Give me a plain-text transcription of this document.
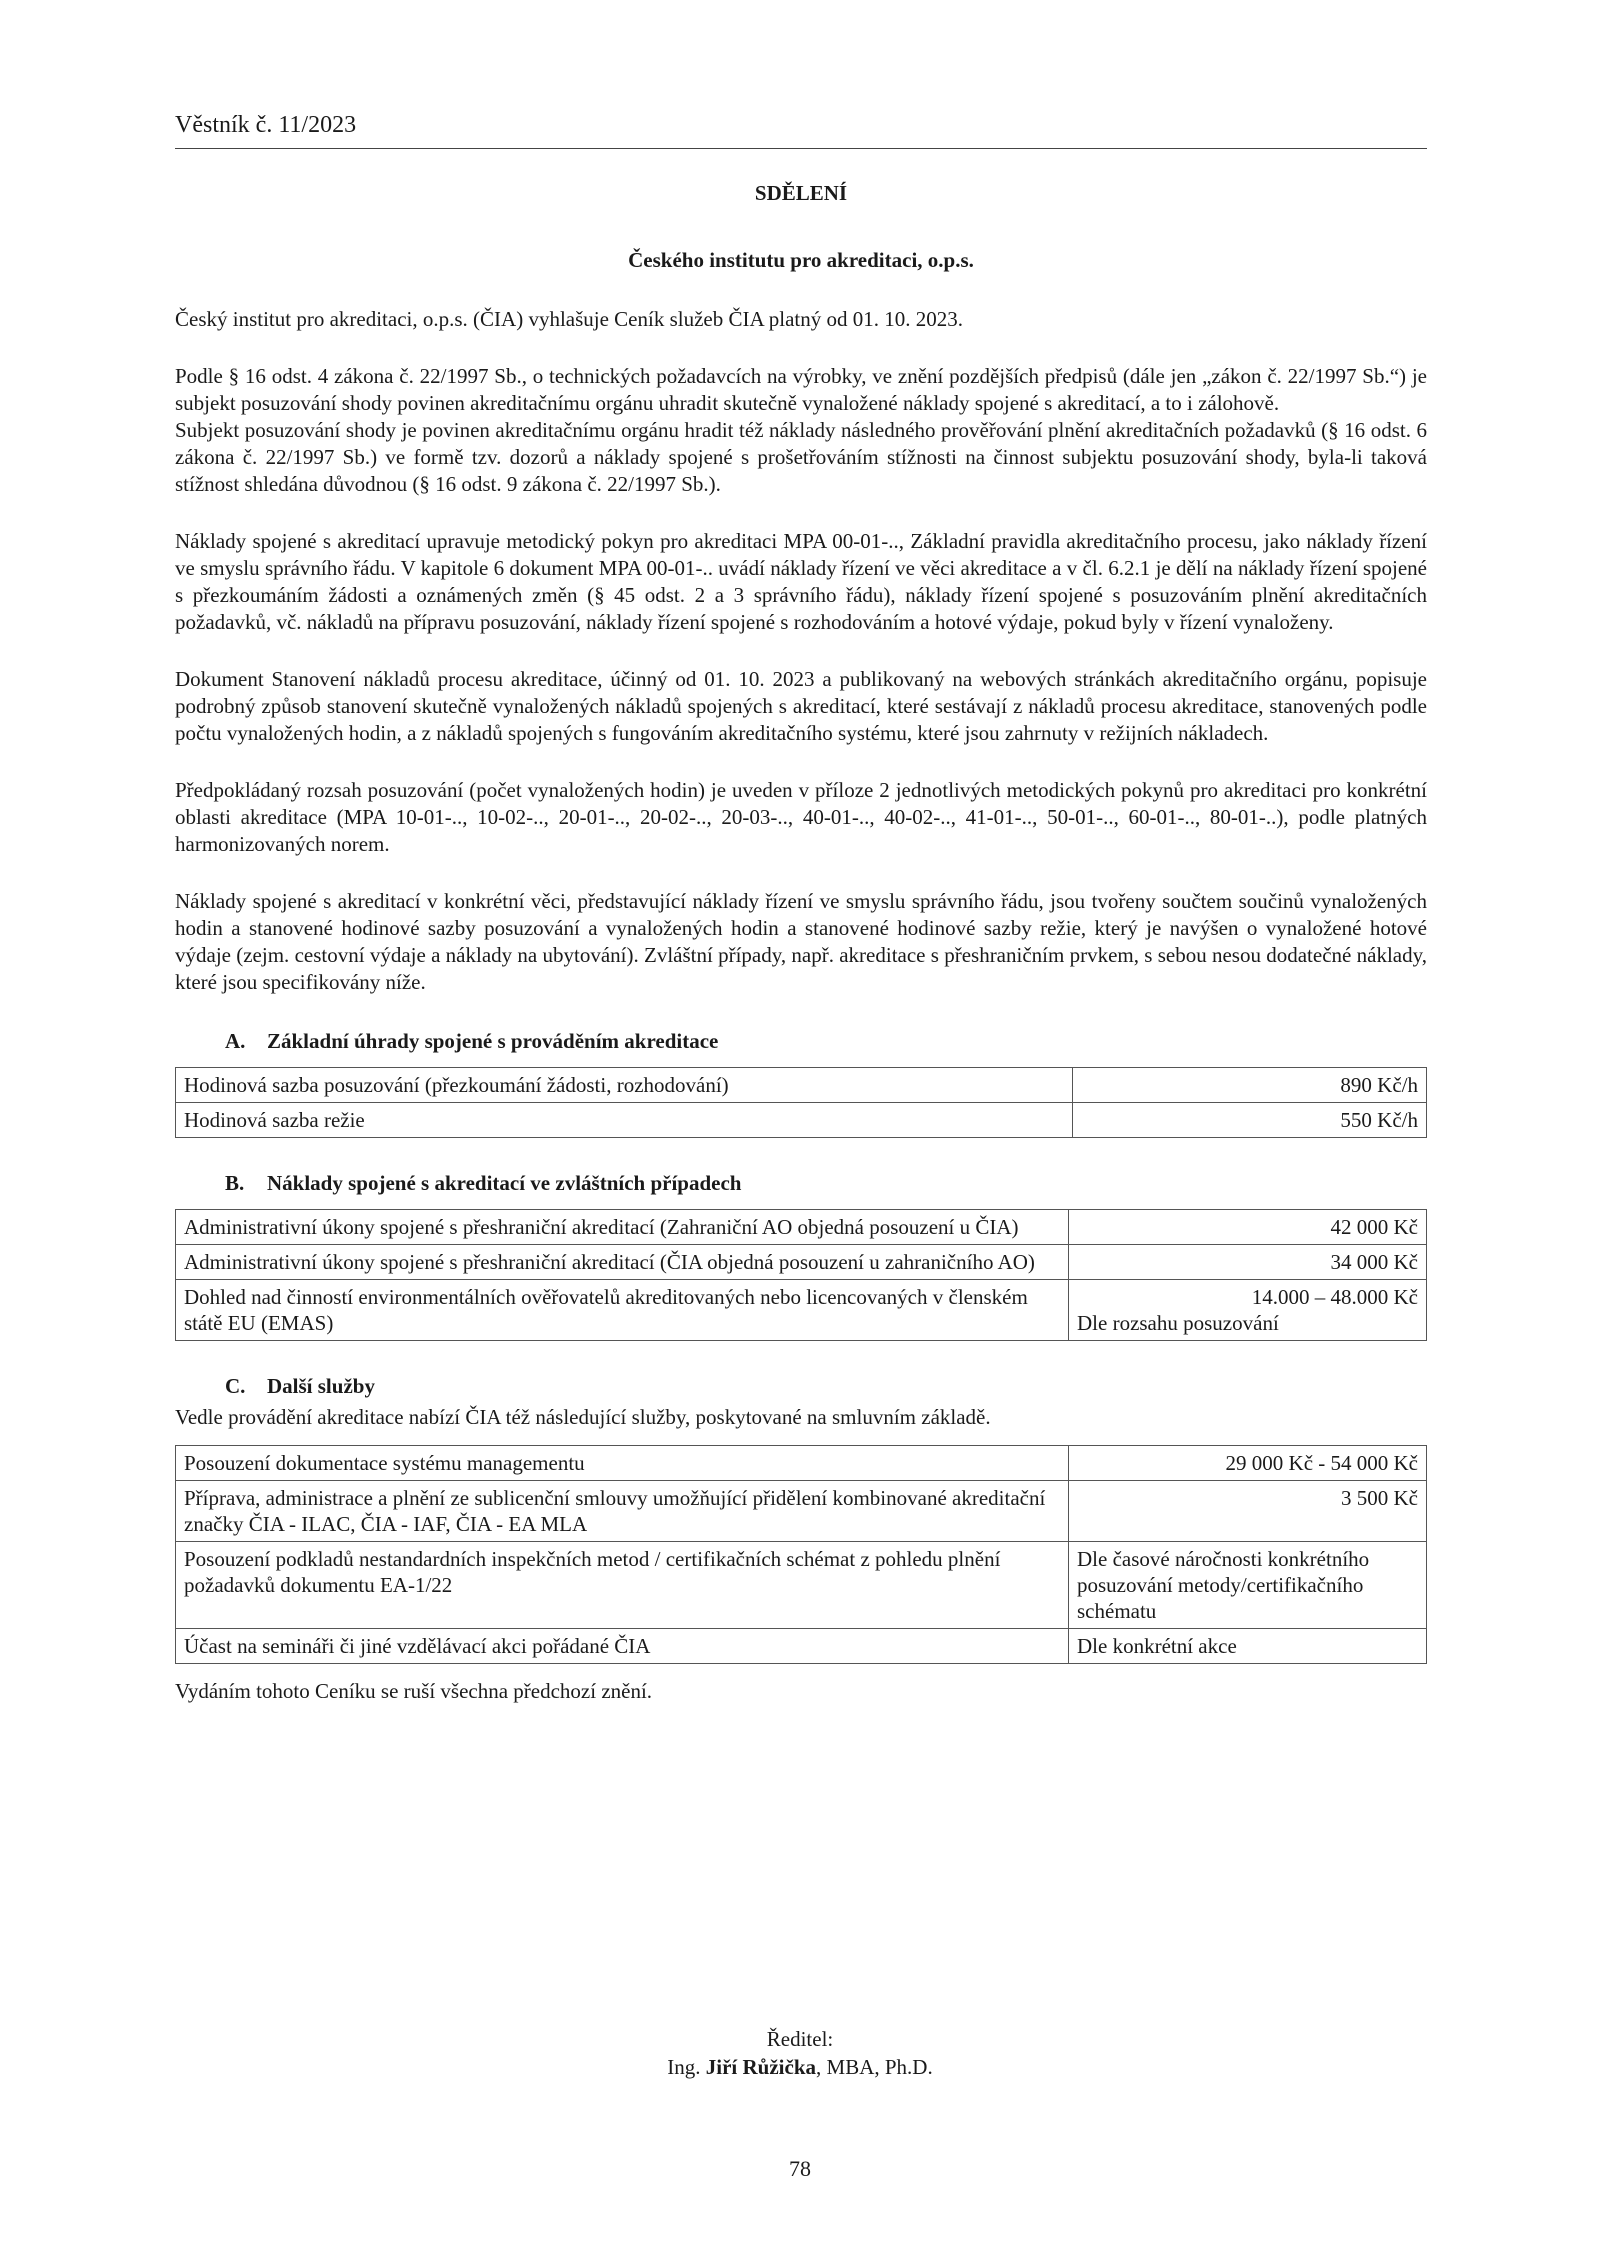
Věstník č. 11/2023
SDĚLENÍ
Českého institutu pro akreditaci, o.p.s.

Český institut pro akreditaci, o.p.s. (ČIA) vyhlašuje Ceník služeb ČIA platný od 01. 10. 2023.

Podle § 16 odst. 4 zákona č. 22/1997 Sb., o technických požadavcích na výrobky, ve znění pozdějších předpisů (dále jen „zákon č. 22/1997 Sb.“) je subjekt posuzování shody povinen akreditačnímu orgánu uhradit skutečně vynaložené náklady spojené s akreditací, a to i zálohově.

Subjekt posuzování shody je povinen akreditačnímu orgánu hradit též náklady následného prověřování plnění akreditačních požadavků (§ 16 odst. 6 zákona č. 22/1997 Sb.) ve formě tzv. dozorů a náklady spojené s prošetřováním stížnosti na činnost subjektu posuzování shody, byla-li taková stížnost shledána důvodnou (§ 16 odst. 9 zákona č. 22/1997 Sb.).

Náklady spojené s akreditací upravuje metodický pokyn pro akreditaci MPA 00-01-.., Základní pravidla akreditačního procesu, jako náklady řízení ve smyslu správního řádu. V kapitole 6 dokument MPA 00-01-.. uvádí náklady řízení ve věci akreditace a v čl. 6.2.1 je dělí na náklady řízení spojené s přezkoumáním žádosti a oznámených změn (§ 45 odst. 2 a 3 správního řádu), náklady řízení spojené s posuzováním plnění akreditačních požadavků, vč. nákladů na přípravu posuzování, náklady řízení spojené s rozhodováním a hotové výdaje, pokud byly v řízení vynaloženy.

Dokument Stanovení nákladů procesu akreditace, účinný od 01. 10. 2023 a publikovaný na webových stránkách akreditačního orgánu, popisuje podrobný způsob stanovení skutečně vynaložených nákladů spojených s akreditací, které sestávají z nákladů procesu akreditace, stanovených podle počtu vynaložených hodin, a z nákladů spojených s fungováním akreditačního systému, které jsou zahrnuty v režijních nákladech.

Předpokládaný rozsah posuzování (počet vynaložených hodin) je uveden v příloze 2 jednotlivých metodických pokynů pro akreditaci pro konkrétní oblasti akreditace (MPA 10-01-.., 10-02-.., 20-01-.., 20-02-.., 20-03-.., 40-01-.., 40-02-.., 41-01-.., 50-01-.., 60-01-.., 80-01-..), podle platných harmonizovaných norem.

Náklady spojené s akreditací v konkrétní věci, představující náklady řízení ve smyslu správního řádu, jsou tvořeny součtem součinů vynaložených hodin a stanovené hodinové sazby posuzování a vynaložených hodin a stanovené hodinové sazby režie, který je navýšen o vynaložené hotové výdaje (zejm. cestovní výdaje a náklady na ubytování). Zvláštní případy, např. akreditace s přeshraničním prvkem, s sebou nesou dodatečné náklady, které jsou specifikovány níže.

A. Základní úhrady spojené s prováděním akreditace
Hodinová sazba posuzování (přezkoumání žádosti, rozhodování)	890 Kč/h
Hodinová sazba režie	550 Kč/h
B. Náklady spojené s akreditací ve zvláštních případech
Administrativní úkony spojené s přeshraniční akreditací (Zahraniční AO objedná posouzení u ČIA)	42 000 Kč
Administrativní úkony spojené s přeshraniční akreditací (ČIA objedná posouzení u zahraničního AO)	34 000 Kč
Dohled nad činností environmentálních ověřovatelů akreditovaných nebo licencovaných v členském státě EU (EMAS)	14.000 – 48.000 Kč
Dle rozsahu posuzování
C. Další služby

Vedle provádění akreditace nabízí ČIA též následující služby, poskytované na smluvním základě.

Posouzení dokumentace systému managementu	29 000 Kč - 54 000 Kč
Příprava, administrace a plnění ze sublicenční smlouvy umožňující přidělení kombinované akreditační značky ČIA - ILAC, ČIA - IAF, ČIA - EA MLA	3 500 Kč
Posouzení podkladů nestandardních inspekčních metod / certifikačních schémat z pohledu plnění požadavků dokumentu EA-1/22	Dle časové náročnosti konkrétního posuzování metody/certifikačního schématu
Účast na semináři či jiné vzdělávací akci pořádané ČIA	Dle konkrétní akce

Vydáním tohoto Ceníku se ruší všechna předchozí znění.

Ředitel:
Ing. Jiří Růžička, MBA, Ph.D.
78
